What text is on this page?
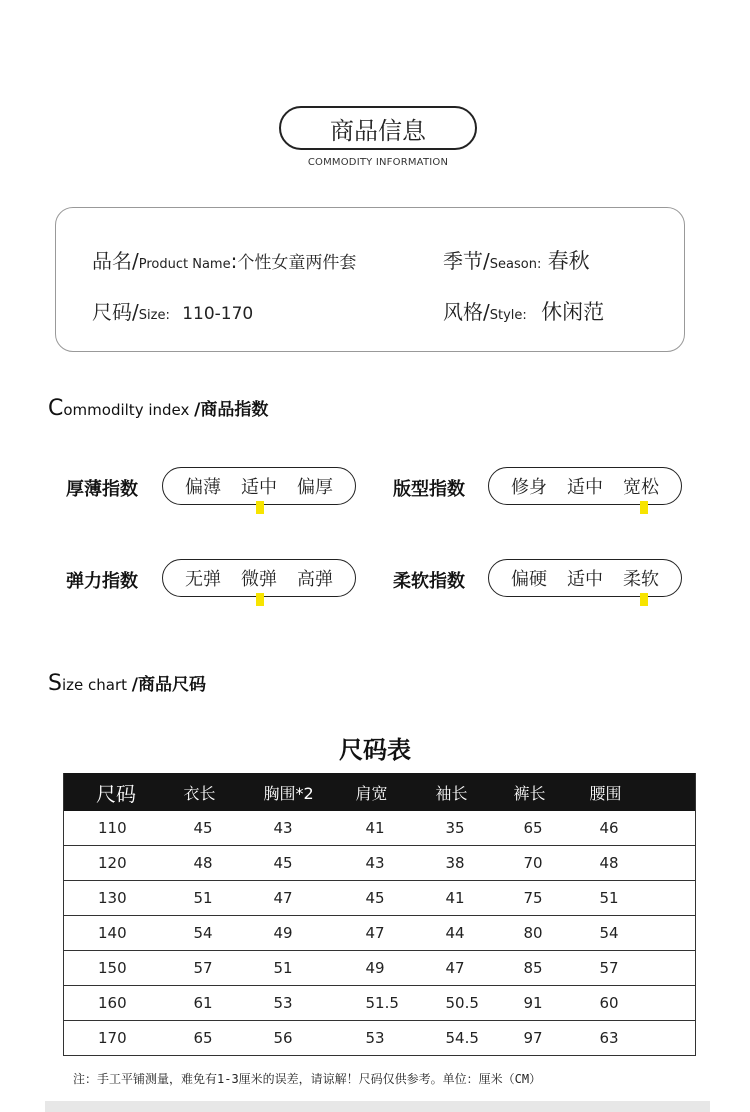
商品信息
COMMODITY INFORMATION
品名/Product Name:个性女童两件套	季节/Season: 春秋
尺码/Size: 110-170	风格/Style: 休闲范
Commodilty index /商品指数
厚薄指数	偏薄 适中 偏厚	版型指数	修身 适中 宽松
弹力指数	无弹 微弹 高弹	柔软指数	偏硬 适中 柔软
Size chart /商品尺码
尺码表
尺码	衣长	胸围*2	肩宽	袖长	裤长	腰围
110	45	43	41	35	65	46
120	48	45	43	38	70	48
130	51	47	45	41	75	51
140	54	49	47	44	80	54
150	57	51	49	47	85	57
160	61	53	51.5	50.5	91	60
170	65	56	53	54.5	97	63
注：手工平铺测量，难免有1-3厘米的误差，请谅解！尺码仅供参考。单位：厘米（CM）
